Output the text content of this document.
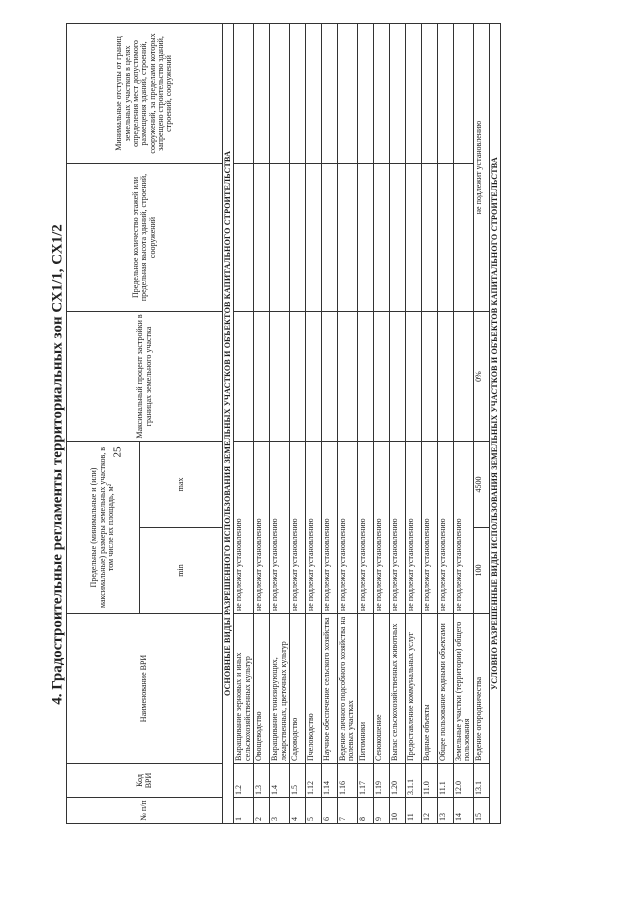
25
4. Градостроительные регламенты территориальных зон СХ1/1, СХ1/2
№ п/п	Код ВРИ	Наименование ВРИ	Предельные (минимальные и (или) максимальные) размеры земельных участков, в том числе их площадь, м²		Максимальный процент застройки в границах земельного участка	Предельное количество этажей или предельная высота зданий, строений, сооружений	Минимальные отступы от границ земельных участков в целях определения мест допустимого размещения зданий, строений, сооружений, за пределами которых запрещено строительство зданий, строений, сооружений
			min	max			
ОСНОВНЫЕ ВИДЫ РАЗРЕШЕННОГО ИСПОЛЬЗОВАНИЯ ЗЕМЕЛЬНЫХ УЧАСТКОВ И ОБЪЕКТОВ КАПИТАЛЬНОГО СТРОИТЕЛЬСТВА							
1	1.2	Выращивание зерновых и иных сельскохозяйственных культур	не подлежат установлению				
2	1.3	Овощеводство	не подлежат установлению				
3	1.4	Выращивание тонизирующих, лекарственных, цветочных культур	не подлежат установлению				
4	1.5	Садоводство	не подлежат установлению				
5	1.12	Пчеловодство	не подлежат установлению				
6	1.14	Научное обеспечение сельского хозяйства	не подлежат установлению				
7	1.16	Ведение личного подсобного хозяйства на полевых участках	не подлежат установлению				
8	1.17	Питомники	не подлежат установлению				
9	1.19	Сенокошение	не подлежат установлению				
10	1.20	Выпас сельскохозяйственных животных	не подлежат установлению				
11	3.1.1	Предоставление коммунальных услуг	не подлежат установлению				
12	11.0	Водные объекты	не подлежат установлению				
13	11.1	Общее пользование водными объектами	не подлежат установлению				
14	12.0	Земельные участки (территории) общего пользования	не подлежат установлению				
15	13.1	Ведение огородничества	100	4500	0%	не подлежит установлению	
УСЛОВНО РАЗРЕШЕННЫЕ ВИДЫ ИСПОЛЬЗОВАНИЯ ЗЕМЕЛЬНЫХ УЧАСТКОВ И ОБЪЕКТОВ КАПИТАЛЬНОГО СТРОИТЕЛЬСТВА							
